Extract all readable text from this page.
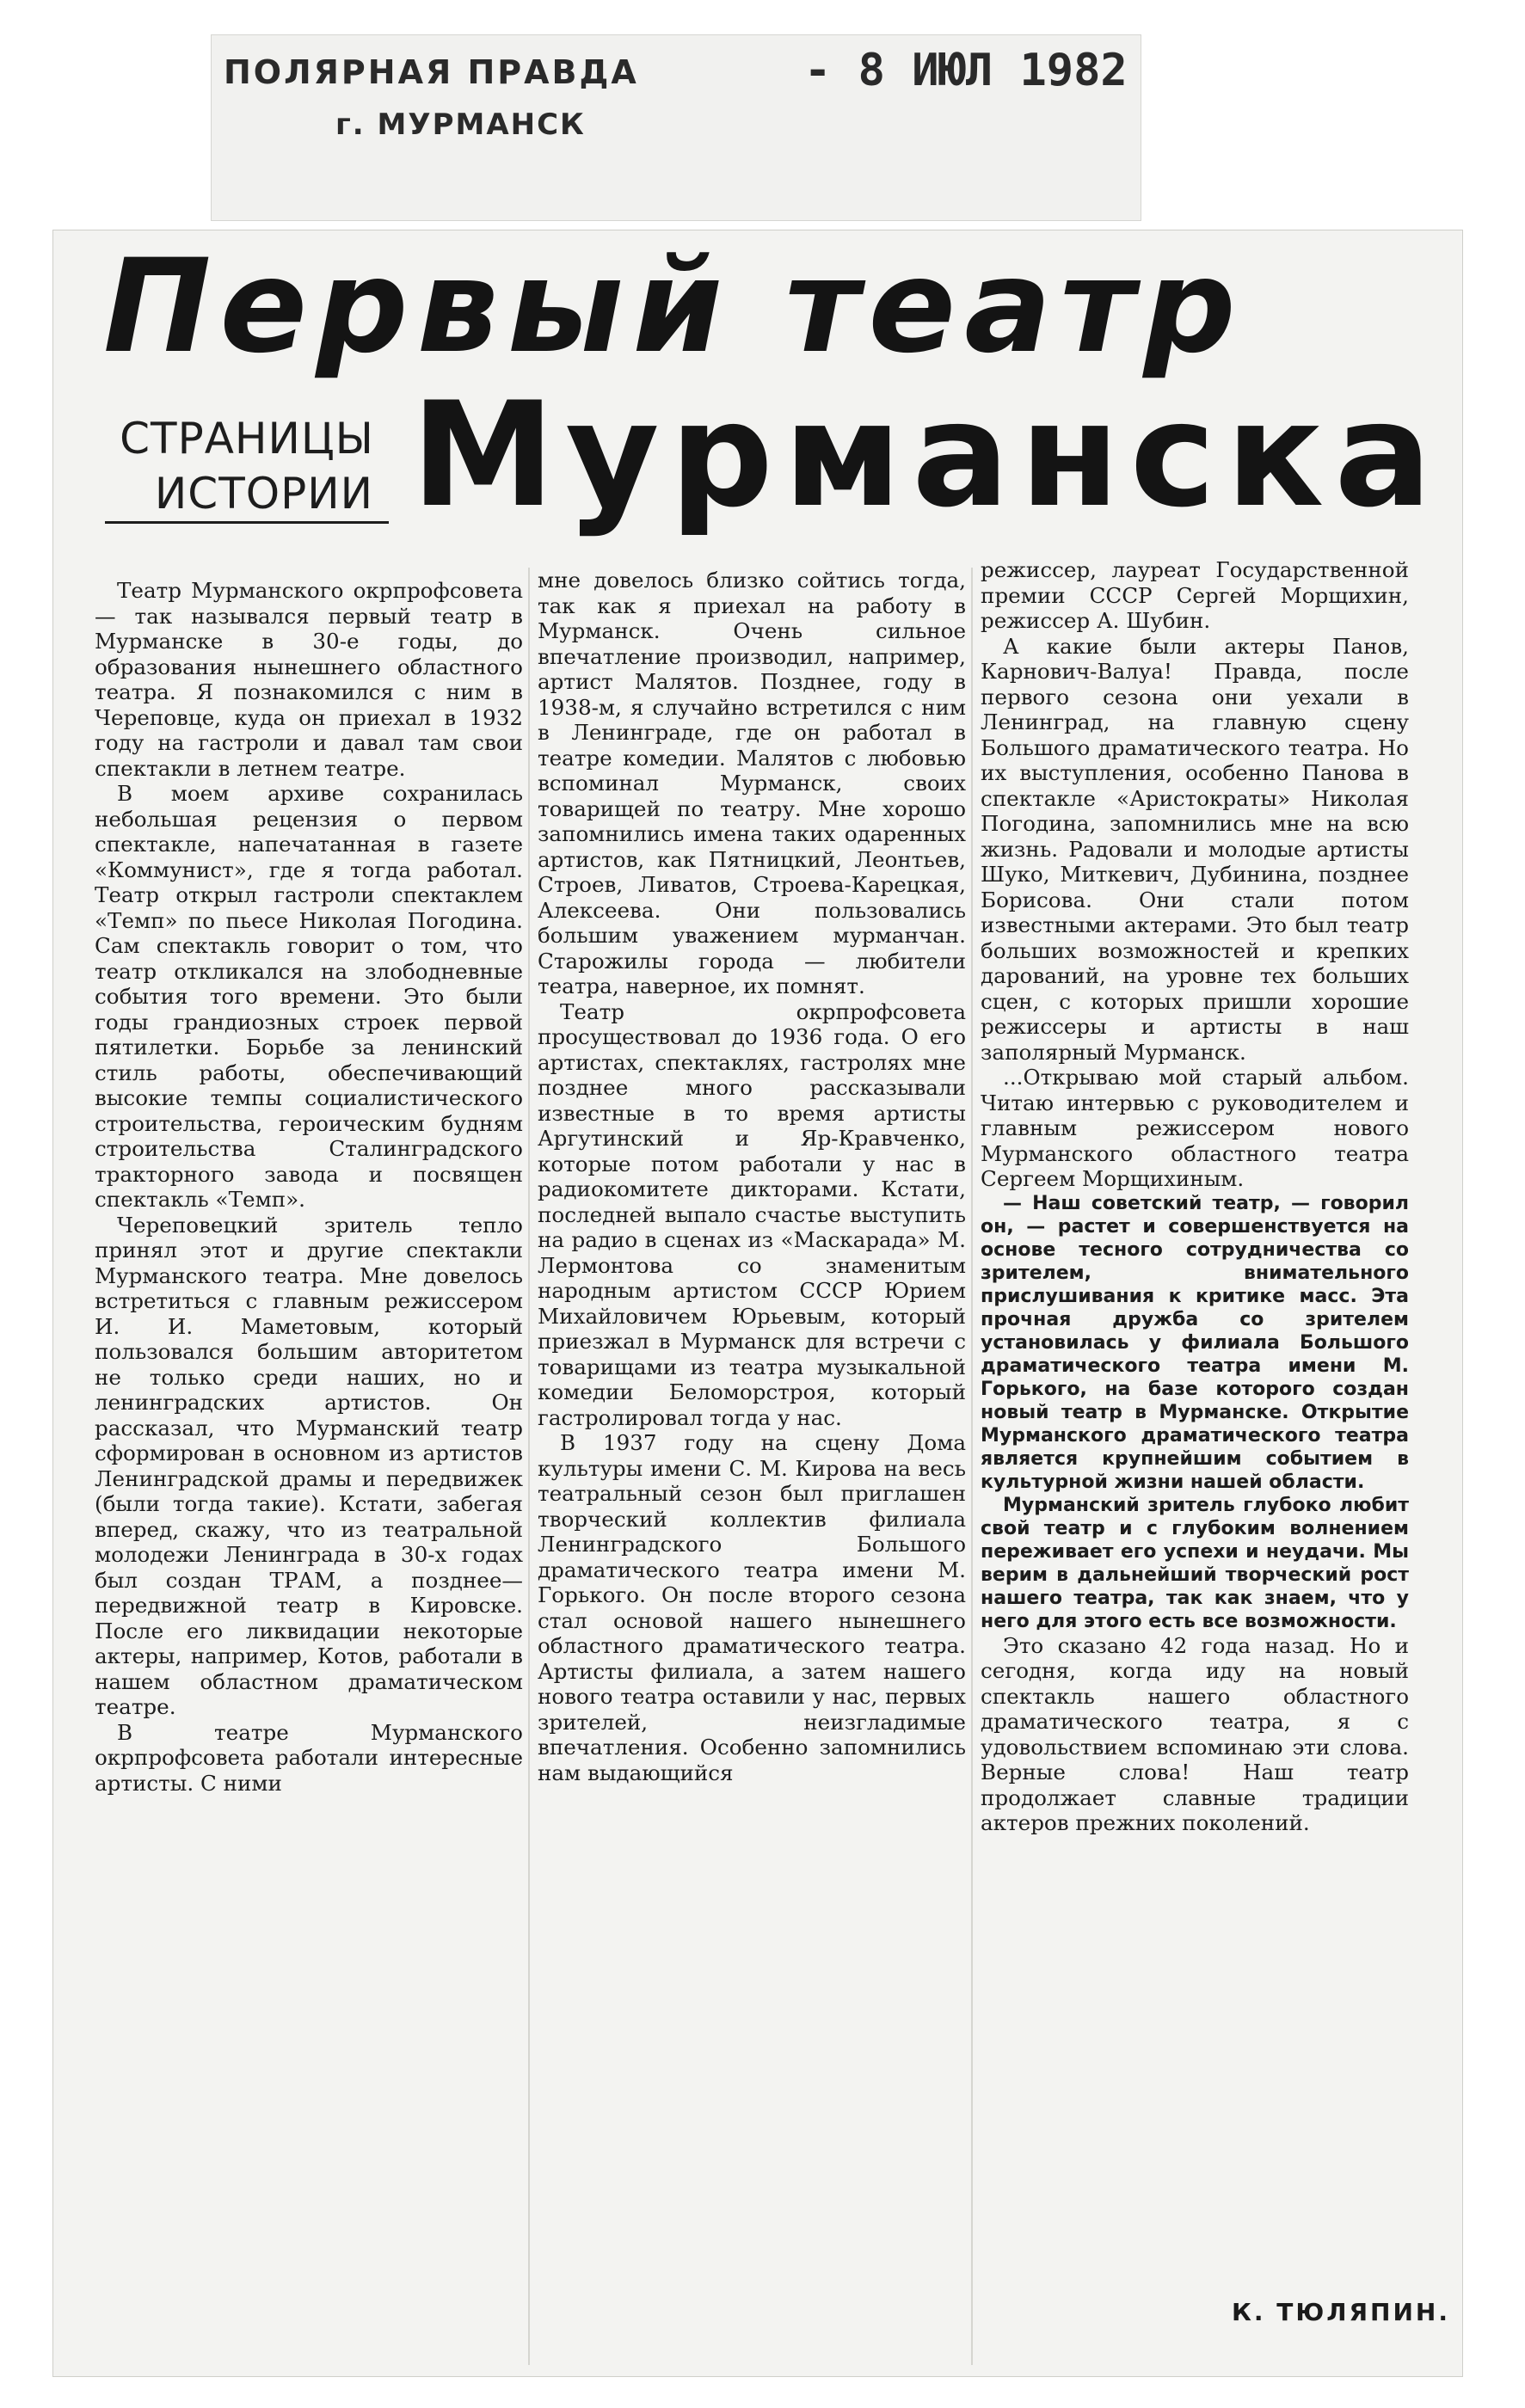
ПОЛЯРНАЯ ПРАВДА
г. МУРМАНСК
- 8 ИЮЛ 1982
Первый театр
СТРАНИЦЫ
ИСТОРИИ Мурманска

Театр Мурманского окрпрофсовета — так назывался первый театр в Мурманске в 30-е годы, до образования нынешнего областного театра. Я познакомился с ним в Череповце, куда он приехал в 1932 году на гастроли и давал там свои спектакли в летнем театре.

В моем архиве сохранилась небольшая рецензия о первом спектакле, напечатанная в газете «Коммунист», где я тогда работал. Театр открыл гастроли спектаклем «Темп» по пьесе Николая Погодина. Сам спектакль говорит о том, что театр откликался на злободневные события того времени. Это были годы грандиозных строек первой пятилетки. Борьбе за ленинский стиль работы, обеспечивающий высокие темпы социалистического строительства, героическим будням строительства Сталинградского тракторного завода и посвящен спектакль «Темп».

Череповецкий зритель тепло принял этот и другие спектакли Мурманского театра. Мне довелось встретиться с главным режиссером И. И. Маметовым, который пользовался большим авторитетом не только среди наших, но и ленинградских артистов. Он рассказал, что Мурманский театр сформирован в основном из артистов Ленинградской драмы и передвижек (были тогда такие). Кстати, забегая вперед, скажу, что из театральной молодежи Ленинграда в 30-х годах был создан ТРАМ, а позднее—передвижной театр в Кировске. После его ликвидации некоторые актеры, например, Котов, работали в нашем областном драматическом театре.

В театре Мурманского окрпрофсовета работали интересные артисты. С ними

мне довелось близко сойтись тогда, так как я приехал на работу в Мурманск. Очень сильное впечатление производил, например, артист Малятов. Позднее, году в 1938-м, я случайно встретился с ним в Ленинграде, где он работал в театре комедии. Малятов с любовью вспоминал Мурманск, своих товарищей по театру. Мне хорошо запомнились имена таких одаренных артистов, как Пятницкий, Леонтьев, Строев, Ливатов, Строева-Карецкая, Алексеева. Они пользовались большим уважением мурманчан. Старожилы города — любители театра, наверное, их помнят.

Театр окрпрофсовета просуществовал до 1936 года. О его артистах, спектаклях, гастролях мне позднее много рассказывали известные в то время артисты Аргутинский и Яр-Кравченко, которые потом работали у нас в радиокомитете дикторами. Кстати, последней выпало счастье выступить на радио в сценах из «Маскарада» М. Лермонтова со знаменитым народным артистом СССР Юрием Михайловичем Юрьевым, который приезжал в Мурманск для встречи с товарищами из театра музыкальной комедии Беломорстроя, который гастролировал тогда у нас.

В 1937 году на сцену Дома культуры имени С. М. Кирова на весь театральный сезон был приглашен творческий коллектив филиала Ленинградского Большого драматического театра имени М. Горького. Он после второго сезона стал основой нашего нынешнего областного драматического театра. Артисты филиала, а затем нашего нового театра оставили у нас, первых зрителей, неизгладимые впечатления. Особенно запомнились нам выдающийся

режиссер, лауреат Государственной премии СССР Сергей Морщихин, режиссер А. Шубин.

А какие были актеры Панов, Карнович-Валуа! Правда, после первого сезона они уехали в Ленинград, на главную сцену Большого драматического театра. Но их выступления, особенно Панова в спектакле «Аристократы» Николая Погодина, запомнились мне на всю жизнь. Радовали и молодые артисты Шуко, Миткевич, Дубинина, позднее Борисова. Они стали потом известными актерами. Это был театр больших возможностей и крепких дарований, на уровне тех больших сцен, с которых пришли хорошие режиссеры и артисты в наш заполярный Мурманск.

...Открываю мой старый альбом. Читаю интервью с руководителем и главным режиссером нового Мурманского областного театра Сергеем Морщихиным.

— Наш советский театр, — говорил он, — растет и совершенствуется на основе тесного сотрудничества со зрителем, внимательного прислушивания к критике масс. Эта прочная дружба со зрителем установилась у филиала Большого драматического театра имени М. Горького, на базе которого создан новый театр в Мурманске. Открытие Мурманского драматического театра является крупнейшим событием в культурной жизни нашей области.

Мурманский зритель глубоко любит свой театр и с глубоким волнением переживает его успехи и неудачи. Мы верим в дальнейший творческий рост нашего театра, так как знаем, что у него для этого есть все возможности.

Это сказано 42 года назад. Но и сегодня, когда иду на новый спектакль нашего областного драматического театра, я с удовольствием вспоминаю эти слова. Верные слова! Наш театр продолжает славные традиции актеров прежних поколений.

К. ТЮЛЯПИН.
